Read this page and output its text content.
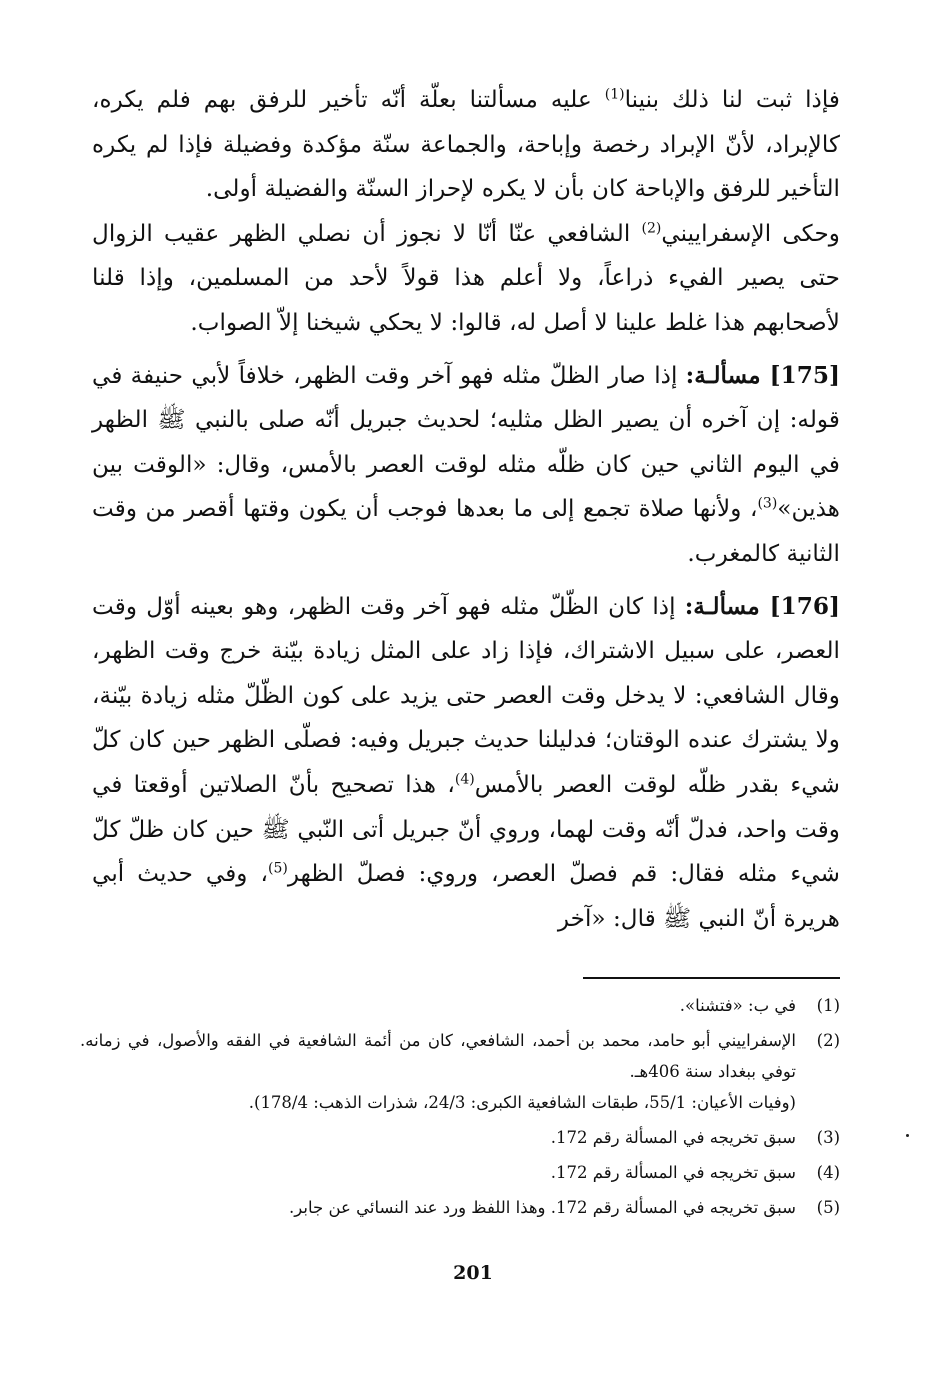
فإذا ثبت لنا ذلك بنينا$^{(1)}$ عليه مسألتنا بعلّة أنّه تأخير للرفق بهم فلم يكره، كالإبراد، لأنّ الإبراد رخصة وإباحة، والجماعة سنّة مؤكدة وفضيلة فإذا لم يكره التأخير للرفق والإباحة كان بأن لا يكره لإحراز السنّة والفضيلة أولى.

وحكى الإسفراييني$^{(2)}$ الشافعي عنّا أنّا لا نجوز أن نصلي الظهر عقيب الزوال حتى يصير الفيء ذراعاً، ولا أعلم هذا قولاً لأحد من المسلمين، وإذا قلنا لأصحابهم هذا غلط علينا لا أصل له، قالوا: لا يحكي شيخنا إلاّ الصواب.

[175] مسألـة: إذا صار الظلّ مثله فهو آخر وقت الظهر، خلافاً لأبي حنيفة في قوله: إن آخره أن يصير الظل مثليه؛ لحديث جبريل أنّه صلى بالنبي ﷺ الظهر في اليوم الثاني حين كان ظلّه مثله لوقت العصر بالأمس، وقال: «الوقت بين هذين»$^{(3)}$، ولأنها صلاة تجمع إلى ما بعدها فوجب أن يكون وقتها أقصر من وقت الثانية كالمغرب.

[176] مسألـة: إذا كان الظّلّ مثله فهو آخر وقت الظهر، وهو بعينه أوّل وقت العصر، على سبيل الاشتراك، فإذا زاد على المثل زيادة بيّنة خرج وقت الظهر، وقال الشافعي: لا يدخل وقت العصر حتى يزيد على كون الظّلّ مثله زيادة بيّنة، ولا يشترك عنده الوقتان؛ فدليلنا حديث جبريل وفيه: فصلّى الظهر حين كان كلّ شيء بقدر ظلّه لوقت العصر بالأمس$^{(4)}$، هذا تصحيح بأنّ الصلاتين أوقعتا في وقت واحد، فدلّ أنّه وقت لهما، وروي أنّ جبريل أتى النّبي ﷺ حين كان ظلّ كلّ شيء مثله فقال: قم فصلّ العصر، وروي: فصلّ الظهر$^{(5)}$، وفي حديث أبي هريرة أنّ النبي ﷺ قال: «آخر

(1)
في ب: «فتشنا».
(2)
الإسفراييني أبو حامد، محمد بن أحمد، الشافعي، كان من أئمة الشافعية في الفقه والأصول، في زمانه. توفي ببغداد سنة 406هـ.
(وفيات الأعيان: 55/1، طبقات الشافعية الكبرى: 24/3، شذرات الذهب: 178/4).
(3)
سبق تخريجه في المسألة رقم 172.
(4)
سبق تخريجه في المسألة رقم 172.
(5)
سبق تخريجه في المسألة رقم 172. وهذا اللفظ ورد عند النسائي عن جابر.
201
